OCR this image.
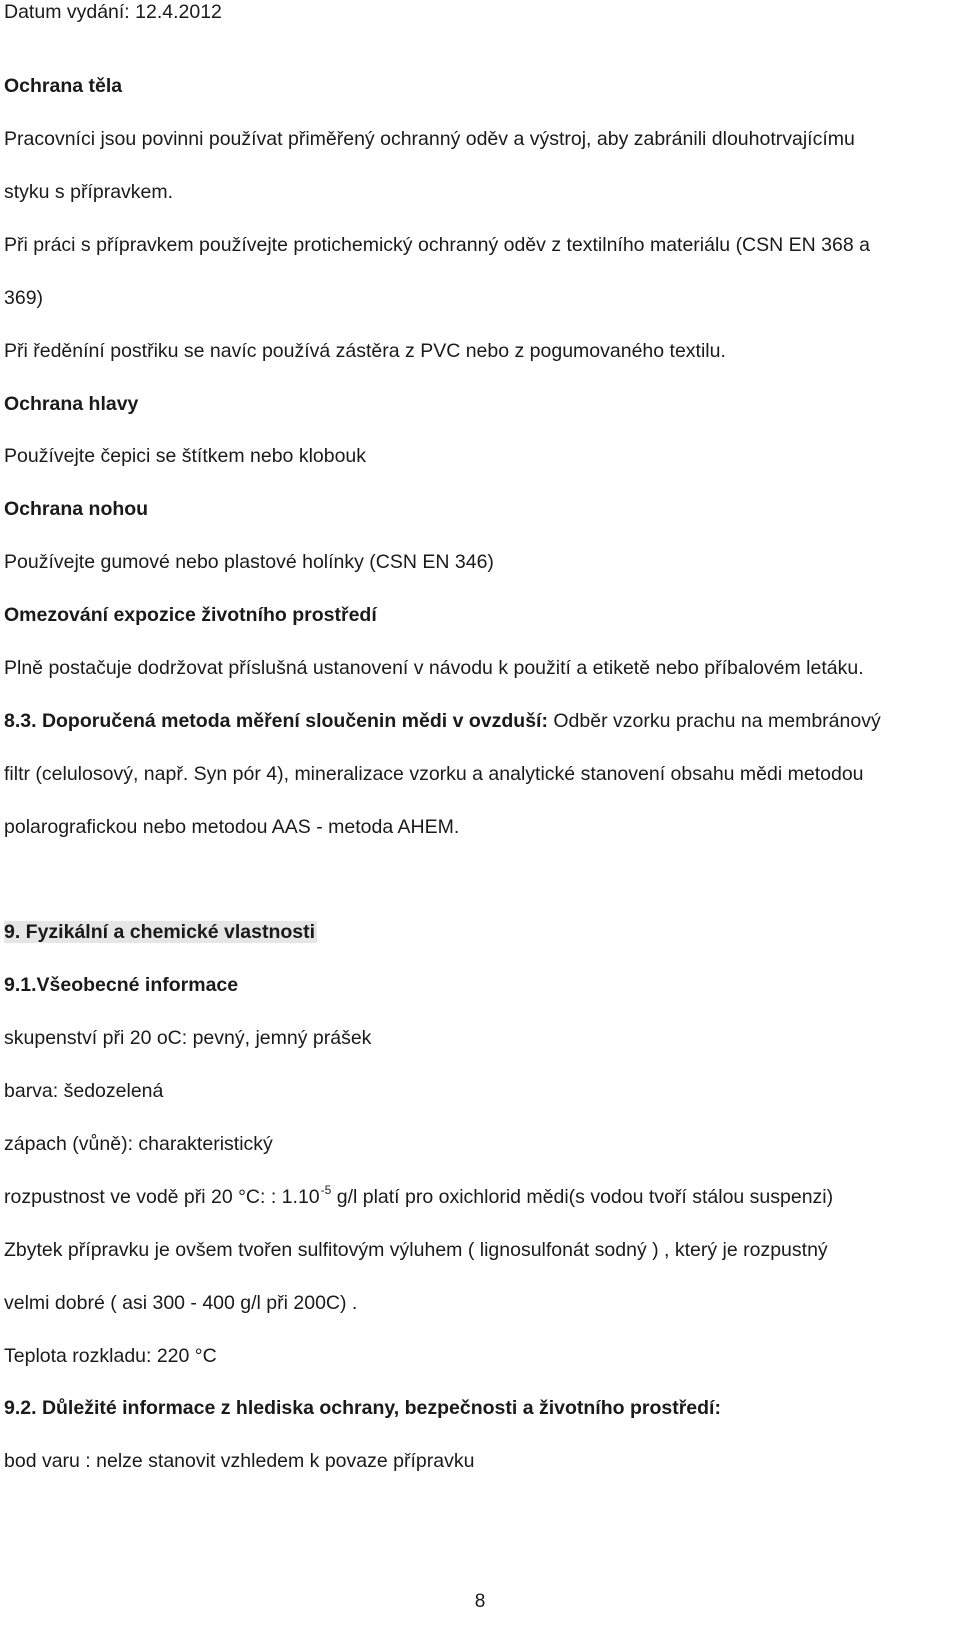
Datum vydání: 12.4.2012
Ochrana těla
Pracovníci jsou povinni používat přiměřený ochranný oděv a výstroj, aby zabránili dlouhotrvajícímu
styku s přípravkem.
Při práci s přípravkem používejte protichemický ochranný oděv z textilního materiálu (CSN EN 368 a
369)
Při ředěníní postřiku se navíc používá zástěra z PVC nebo z pogumovaného textilu.
Ochrana hlavy
Používejte čepici se štítkem nebo klobouk
Ochrana nohou
Používejte gumové nebo plastové holínky (CSN EN 346)
Omezování expozice životního prostředí
Plně postačuje dodržovat příslušná ustanovení v návodu k použití a etiketě nebo příbalovém letáku.
8.3. Doporučená metoda měření sloučenin mědi v ovzduší: Odběr vzorku prachu na membránový
filtr (celulosový, např. Syn pór 4), mineralizace vzorku a analytické stanovení obsahu mědi metodou
polarografickou nebo metodou AAS - metoda AHEM.
9. Fyzikální a chemické vlastnosti
9.1.Všeobecné informace
skupenství při 20 oC: pevný, jemný prášek
barva: šedozelená
zápach (vůně): charakteristický
rozpustnost ve vodě při 20 °C: : $1.10^{-5}$ g/l platí pro oxichlorid mědi(s vodou tvoří stálou suspenzi)
Zbytek přípravku je ovšem tvořen sulfitovým výluhem ( lignosulfonát sodný ) , který je rozpustný
velmi dobré ( asi 300 - 400 g/l při 200C) .
Teplota rozkladu: 220 °C
9.2. Důležité informace z hlediska ochrany, bezpečnosti a životního prostředí:
bod varu : nelze stanovit vzhledem k povaze přípravku
8
